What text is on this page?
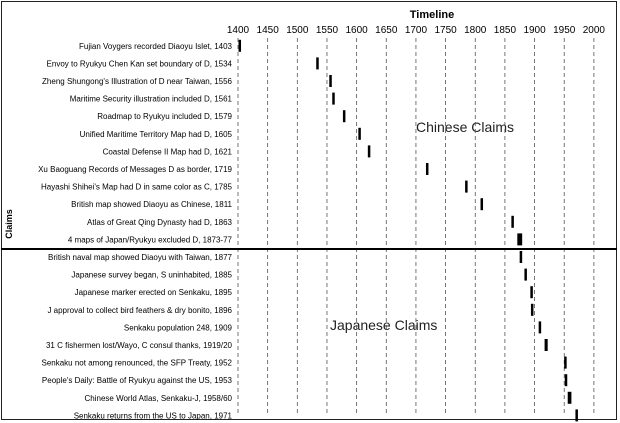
Timeline
Claims
Chinese Claims
Japanese Claims
1400 1450 1500 1550 1600 1650 1700 1750 1800 1850 1900 1950 2000
Fujian Voygers recorded Diaoyu Islet, 1403
Envoy to Ryukyu Chen Kan set boundary of D, 1534
Zheng Shungong's Illustration of D near Taiwan, 1556
Maritime Security illustration included D, 1561
Roadmap to Ryukyu included D, 1579
Unified Maritime Territory Map had D, 1605
Coastal Defense II Map had D, 1621
Xu Baoguang Records of Messages D as border, 1719
Hayashi Shihei's Map had D in same color as C, 1785
British map showed Diaoyu as Chinese, 1811
Atlas of Great Qing Dynasty had D, 1863
4 maps of Japan/Ryukyu excluded D, 1873-77
British naval map showed Diaoyu with Taiwan, 1877
Japanese survey began, S uninhabited, 1885
Japanese marker erected on Senkaku, 1895
J approval to collect bird feathers & dry bonito, 1896
Senkaku population 248, 1909
31 C fishermen lost/Wayo, C consul thanks, 1919/20
Senkaku not among renounced, the SFP Treaty, 1952
People's Daily: Battle of Ryukyu against the US, 1953
Chinese World Atlas, Senkaku-J, 1958/60
Senkaku returns from the US to Japan, 1971
